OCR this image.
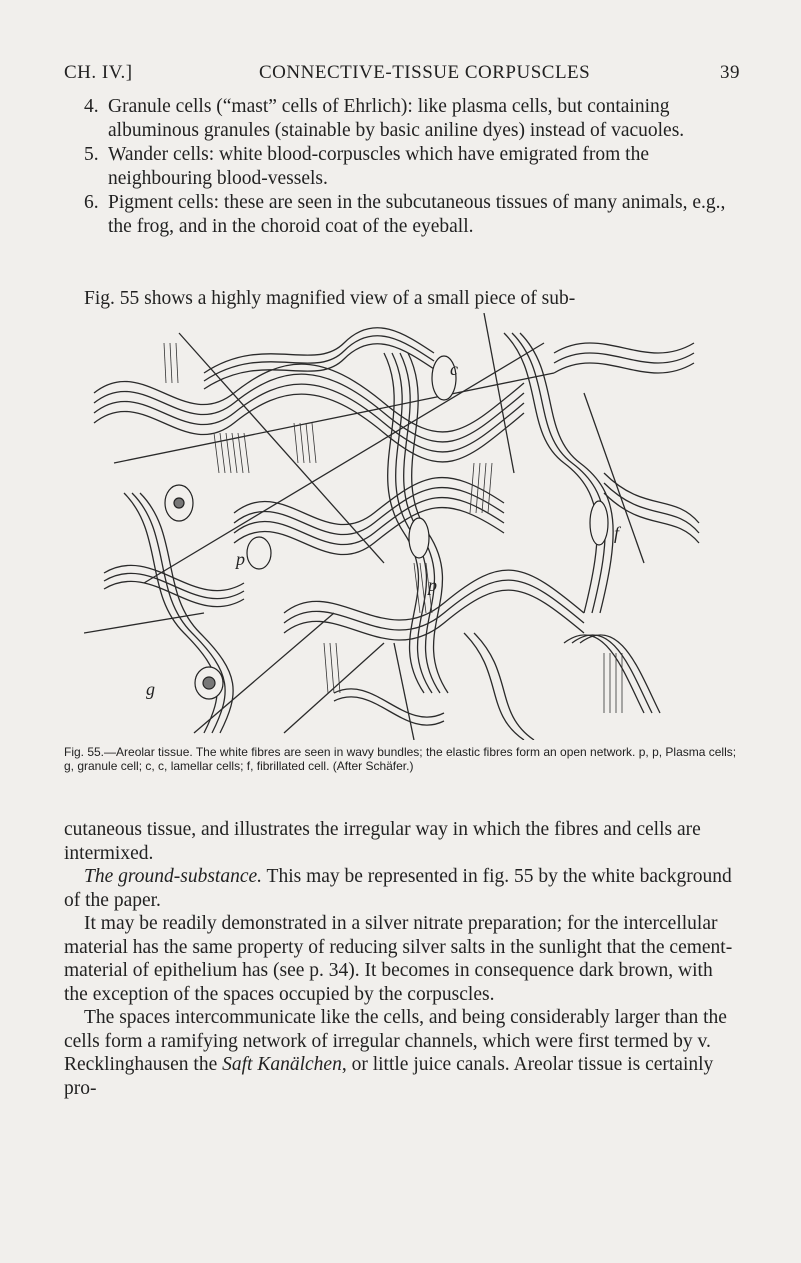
CH. IV.]	CONNECTIVE-TISSUE CORPUSCLES	39
4. Granule cells (“mast” cells of Ehrlich): like plasma cells, but containing albuminous granules (stainable by basic aniline dyes) instead of vacuoles.
5. Wander cells: white blood-corpuscles which have emigrated from the neighbouring blood-vessels.
6. Pigment cells: these are seen in the subcutaneous tissues of many animals, e.g., the frog, and in the choroid coat of the eyeball.
Fig. 55 shows a highly magnified view of a small piece of sub-
p
p
c
f
g
Fig. 55.—Areolar tissue. The white fibres are seen in wavy bundles; the elastic fibres form an open network. p, p, Plasma cells; g, granule cell; c, c, lamellar cells; f, fibrillated cell. (After Schäfer.)

cutaneous tissue, and illustrates the irregular way in which the fibres and cells are intermixed.

The ground-substance. This may be represented in fig. 55 by the white background of the paper.

It may be readily demonstrated in a silver nitrate preparation; for the intercellular material has the same property of reducing silver salts in the sunlight that the cement-material of epithelium has (see p. 34). It becomes in consequence dark brown, with the exception of the spaces occupied by the corpuscles.

The spaces intercommunicate like the cells, and being considerably larger than the cells form a ramifying network of irregular channels, which were first termed by v. Recklinghausen the Saft Kanälchen, or little juice canals. Areolar tissue is certainly pro-
